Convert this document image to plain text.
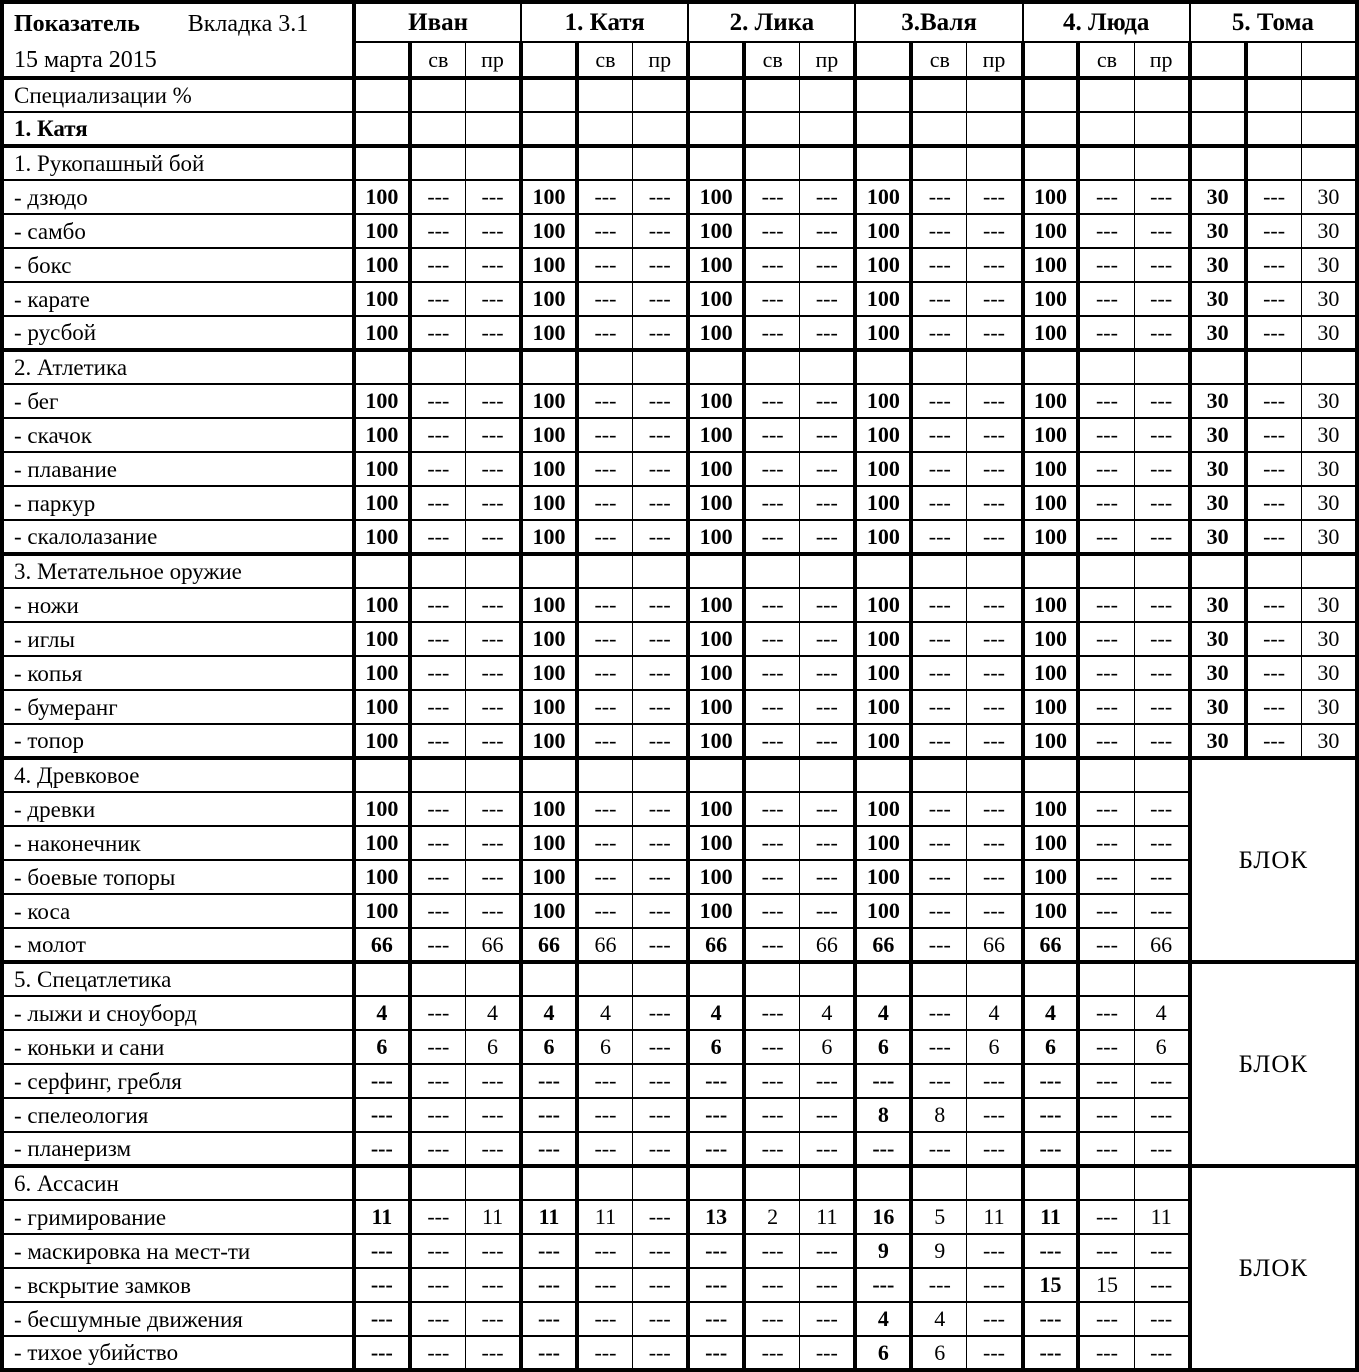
Показатель Вкладка 3.1
15 марта 2015	Иван			1. Катя			2. Лика			3.Валя			4. Люда			5. Тома		
		св	пр		св	пр		св	пр		св	пр		св	пр			
Специализации %																		
1. Катя																		
1. Рукопашный бой																		
- дзюдо	100	---	---	100	---	---	100	---	---	100	---	---	100	---	---	30	---	30
- самбо	100	---	---	100	---	---	100	---	---	100	---	---	100	---	---	30	---	30
- бокс	100	---	---	100	---	---	100	---	---	100	---	---	100	---	---	30	---	30
- карате	100	---	---	100	---	---	100	---	---	100	---	---	100	---	---	30	---	30
- русбой	100	---	---	100	---	---	100	---	---	100	---	---	100	---	---	30	---	30
2. Атлетика																		
- бег	100	---	---	100	---	---	100	---	---	100	---	---	100	---	---	30	---	30
- скачок	100	---	---	100	---	---	100	---	---	100	---	---	100	---	---	30	---	30
- плавание	100	---	---	100	---	---	100	---	---	100	---	---	100	---	---	30	---	30
- паркур	100	---	---	100	---	---	100	---	---	100	---	---	100	---	---	30	---	30
- скалолазание	100	---	---	100	---	---	100	---	---	100	---	---	100	---	---	30	---	30
3. Метательное оружие																		
- ножи	100	---	---	100	---	---	100	---	---	100	---	---	100	---	---	30	---	30
- иглы	100	---	---	100	---	---	100	---	---	100	---	---	100	---	---	30	---	30
- копья	100	---	---	100	---	---	100	---	---	100	---	---	100	---	---	30	---	30
- бумеранг	100	---	---	100	---	---	100	---	---	100	---	---	100	---	---	30	---	30
- топор	100	---	---	100	---	---	100	---	---	100	---	---	100	---	---	30	---	30
4. Древковое																БЛОК		
- древки	100	---	---	100	---	---	100	---	---	100	---	---	100	---	---			
- наконечник	100	---	---	100	---	---	100	---	---	100	---	---	100	---	---			
- боевые топоры	100	---	---	100	---	---	100	---	---	100	---	---	100	---	---			
- коса	100	---	---	100	---	---	100	---	---	100	---	---	100	---	---			
- молот	66	---	66	66	66	---	66	---	66	66	---	66	66	---	66			
5. Спецатлетика																БЛОК		
- лыжи и сноуборд	4	---	4	4	4	---	4	---	4	4	---	4	4	---	4			
- коньки и сани	6	---	6	6	6	---	6	---	6	6	---	6	6	---	6			
- серфинг, гребля	---	---	---	---	---	---	---	---	---	---	---	---	---	---	---			
- спелеология	---	---	---	---	---	---	---	---	---	8	8	---	---	---	---			
- планеризм	---	---	---	---	---	---	---	---	---	---	---	---	---	---	---			
6. Ассасин																БЛОК		
- гримирование	11	---	11	11	11	---	13	2	11	16	5	11	11	---	11			
- маскировка на мест-ти	---	---	---	---	---	---	---	---	---	9	9	---	---	---	---			
- вскрытие замков	---	---	---	---	---	---	---	---	---	---	---	---	15	15	---			
- бесшумные движения	---	---	---	---	---	---	---	---	---	4	4	---	---	---	---			
- тихое убийство	---	---	---	---	---	---	---	---	---	6	6	---	---	---	---			
